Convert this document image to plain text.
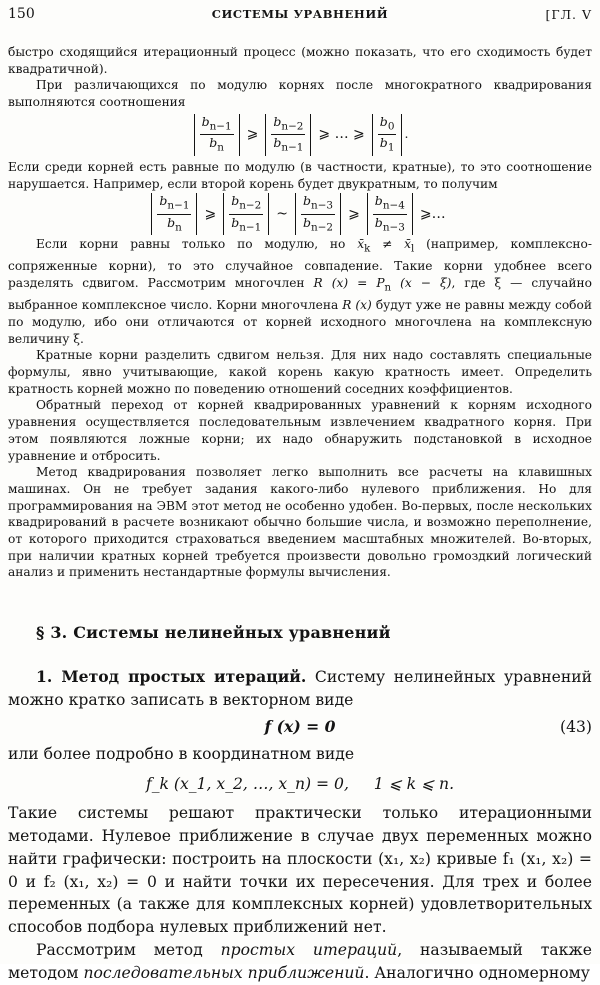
150	СИСТЕМЫ УРАВНЕНИЙ	[ГЛ. V

быстро сходящийся итерационный процесс (можно показать, что его сходимость будет квадратичной).

При различающихся по модулю корнях после многократного квадрирования выполняются соотношения

$\frac{b_{n-1}}{b_n}$ ⩾ $\frac{b_{n-2}}{b_{n-1}}$ ⩾ … ⩾ $\frac{b_0}{b_1}$ .

Если среди корней есть равные по модулю (в частности, кратные), то это соотношение нарушается. Например, если второй корень будет двукратным, то получим

$\frac{b_{n-1}}{b_n}$ ⩾ $\frac{b_{n-2}}{b_{n-1}}$ ~ $\frac{b_{n-3}}{b_{n-2}}$ ⩾ $\frac{b_{n-4}}{b_{n-3}}$ ⩾…

Если корни равны только по модулю, но $x̄_k$ ≠ $x̄_l$ (например, комплексно-сопряженные корни), то это случайное совпадение. Такие корни удобнее всего разделять сдвигом. Рассмотрим многочлен R $(x) = P_n$ (x − ξ), где ξ — случайно выбранное комплексное число. Корни многочлена R (x) будут уже не равны между собой по модулю, ибо они отличаются от корней исходного многочлена на комплексную величину ξ.

Кратные корни разделить сдвигом нельзя. Для них надо составлять специальные формулы, явно учитывающие, какой корень какую кратность имеет. Определить кратность корней можно по поведению отношений соседних коэффициентов.

Обратный переход от корней квадрированных уравнений к корням исходного уравнения осуществляется последовательным извлечением квадратного корня. При этом появляются ложные корни; их надо обнаружить подстановкой в исходное уравнение и отбросить.

Метод квадрирования позволяет легко выполнить все расчеты на клавишных машинах. Он не требует задания какого-либо нулевого приближения. Но для программирования на ЭВМ этот метод не особенно удобен. Во-первых, после нескольких квадрирований в расчете возникают обычно большие числа, и возможно переполнение, от которого приходится страховаться введением масштабных множителей. Во-вторых, при наличии кратных корней требуется произвести довольно громоздкий логический анализ и применить нестандартные формулы вычисления.

§ 3. Системы нелинейных уравнений

1. Метод простых итераций. Систему нелинейных уравнений можно кратко записать в векторном виде

f (x) = 0	(43)

или более подробно в координатном виде

f_k (x_1, x_2, …, x_n) = 0,     1 ⩽ k ⩽ n.

Такие системы решают практически только итерационными методами. Нулевое приближение в случае двух переменных можно найти графически: построить на плоскости (x₁, x₂) кривые f₁ (x₁, x₂) = 0 и f₂ (x₁, x₂) = 0 и найти точки их пересечения. Для трех и более переменных (а также для комплексных корней) удовлетворительных способов подбора нулевых приближений нет.

Рассмотрим метод простых итераций, называемый также методом последовательных приближений. Аналогично одномерному
